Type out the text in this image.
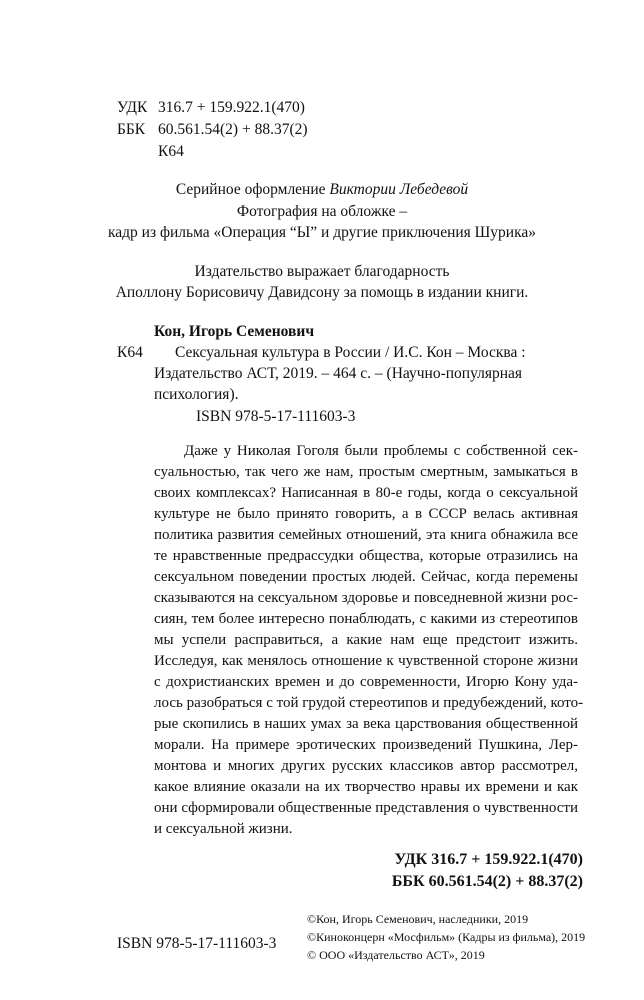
УДК 316.7 + 159.922.1(470)
ББК 60.561.54(2) + 88.37(2)
К64
Серийное оформление Виктории Лебедевой
Фотография на обложке –
кадр из фильма «Операция “Ы” и другие приключения Шурика»
Издательство выражает благодарность
Аполлону Борисовичу Давидсону за помощь в издании книги.
Кон, Игорь Семенович
К64 Сексуальная культура в России / И.С. Кон – Москва :
Издательство АСТ, 2019. – 464 с. – (Научно-популярная
психология).
ISBN 978-5-17-111603-3
Даже у Николая Гоголя были проблемы с собственной сек-
суальностью, так чего же нам, простым смертным, замыкаться в
своих комплексах? Написанная в 80-е годы, когда о сексуальной
культуре не было принято говорить, а в СССР велась активная
политика развития семейных отношений, эта книга обнажила все
те нравственные предрассудки общества, которые отразились на
сексуальном поведении простых людей. Сейчас, когда перемены
сказываются на сексуальном здоровье и повседневной жизни рос-
сиян, тем более интересно понаблюдать, с какими из стереотипов
мы успели расправиться, а какие нам еще предстоит изжить.
Исследуя, как менялось отношение к чувственной стороне жизни
с дохристианских времен и до современности, Игорю Кону уда-
лось разобраться с той грудой стереотипов и предубеждений, кото-
рые скопились в наших умах за века царствования общественной
морали. На примере эротических произведений Пушкина, Лер-
монтова и многих других русских классиков автор рассмотрел,
какое влияние оказали на их творчество нравы их времени и как
они сформировали общественные представления о чувственности
и сексуальной жизни.
УДК 316.7 + 159.922.1(470)
ББК 60.561.54(2) + 88.37(2)
©Кон, Игорь Семенович, наследники, 2019
©Киноконцерн «Мосфильм» (Кадры из фильма), 2019
© ООО «Издательство АСТ», 2019
ISBN 978-5-17-111603-3
